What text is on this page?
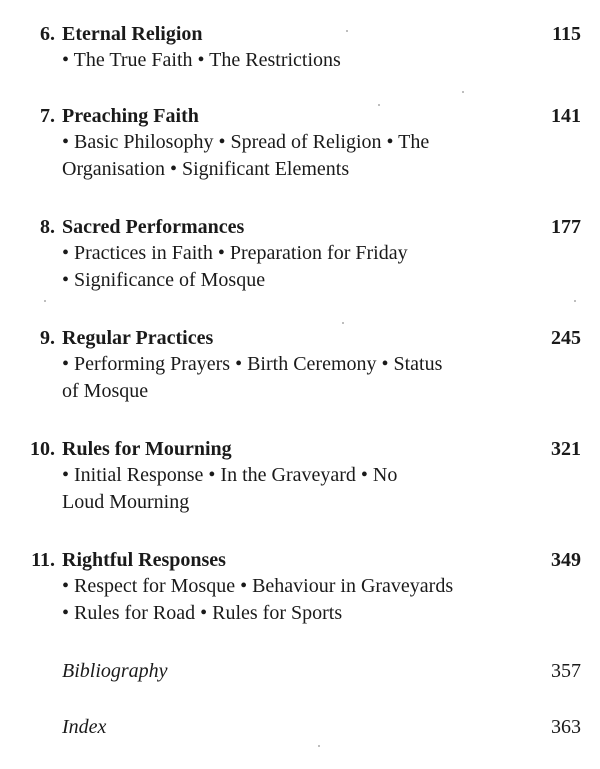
6. Eternal Religion	115
• The True Faith • The Restrictions
7. Preaching Faith	141
• Basic Philosophy • Spread of Religion • The
Organisation • Significant Elements
8. Sacred Performances	177
• Practices in Faith • Preparation for Friday
• Significance of Mosque
9. Regular Practices	245
• Performing Prayers • Birth Ceremony • Status
of Mosque
10. Rules for Mourning	321
• Initial Response • In the Graveyard • No
Loud Mourning
11. Rightful Responses	349
• Respect for Mosque • Behaviour in Graveyards
• Rules for Road • Rules for Sports
Bibliography	357
Index	363
